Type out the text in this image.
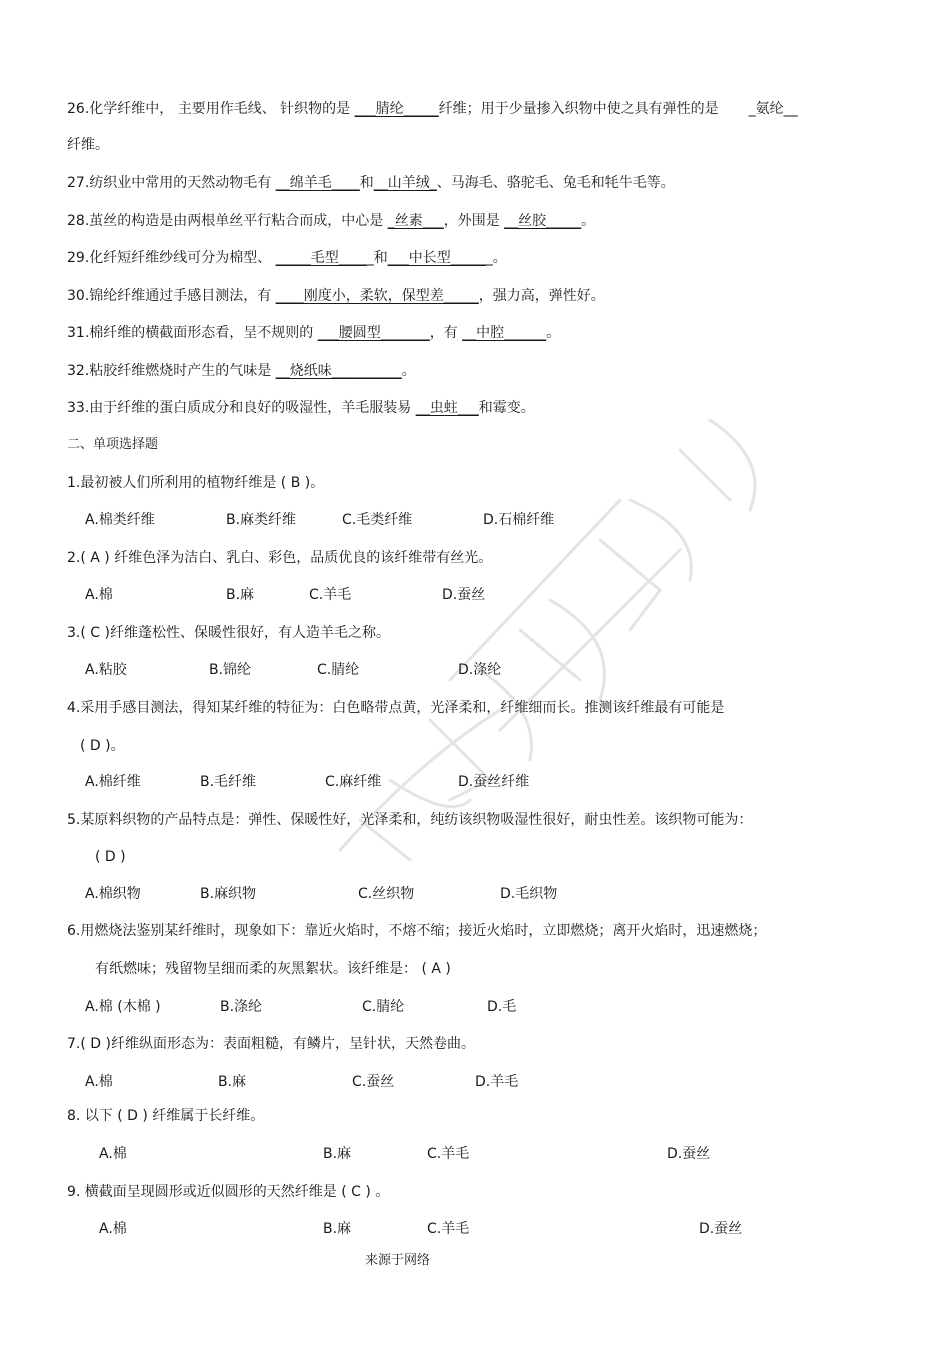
26.化学纤维中， 主要用作毛线、 针织物的是 ___腈纶_____纤维；用于少量掺入织物中使之具有弹性的是 _氨纶__
纤维。
27.纺织业中常用的天然动物毛有 __绵羊毛____和__山羊绒_、马海毛、骆驼毛、兔毛和牦牛毛等。
28.茧丝的构造是由两根单丝平行粘合而成，中心是 _丝素___，外围是 __丝胶_____。
29.化纤短纤维纱线可分为棉型、 _____毛型_____和___中长型______。
30.锦纶纤维通过手感目测法，有 ____刚度小，柔软，保型差_____，强力高，弹性好。
31.棉纤维的横截面形态看，呈不规则的 ___腰圆型_______，有 __中腔______。
32.粘胶纤维燃烧时产生的气味是 __烧纸味__________。
33.由于纤维的蛋白质成分和良好的吸湿性，羊毛服装易 __虫蛀___和霉变。
二、单项选择题
1.最初被人们所利用的植物纤维是 ( B )。
A.棉类纤维	B.麻类纤维	C.毛类纤维	D.石棉纤维
2.( A ) 纤维色泽为洁白、乳白、彩色，品质优良的该纤维带有丝光。
A.棉	B.麻	C.羊毛	D.蚕丝
3.( C )纤维蓬松性、保暖性很好，有人造羊毛之称。
A.粘胶	B.锦纶	C.腈纶	D.涤纶
4.采用手感目测法，得知某纤维的特征为：白色略带点黄，光泽柔和，纤维细而长。推测该纤维最有可能是
( D )。
A.棉纤维	B.毛纤维	C.麻纤维	D.蚕丝纤维
5.某原料织物的产品特点是：弹性、保暖性好，光泽柔和，纯纺该织物吸湿性很好，耐虫性差。该织物可能为：
( D )
A.棉织物	B.麻织物	C.丝织物	D.毛织物
6.用燃烧法鉴别某纤维时，现象如下：靠近火焰时，不熔不缩；接近火焰时，立即燃烧；离开火焰时，迅速燃烧；
有纸燃味；残留物呈细而柔的灰黑絮状。该纤维是： ( A )
A.棉 (木棉 )	B.涤纶	C.腈纶	D.毛
7.( D )纤维纵面形态为：表面粗糙，有鳞片，呈针状，天然卷曲。
A.棉	B.麻	C.蚕丝	D.羊毛
8. 以下 ( D ) 纤维属于长纤维。
A.棉	B.麻	C.羊毛	D.蚕丝
9. 横截面呈现圆形或近似圆形的天然纤维是 ( C ) 。
A.棉	B.麻	C.羊毛	D.蚕丝
来源于网络
